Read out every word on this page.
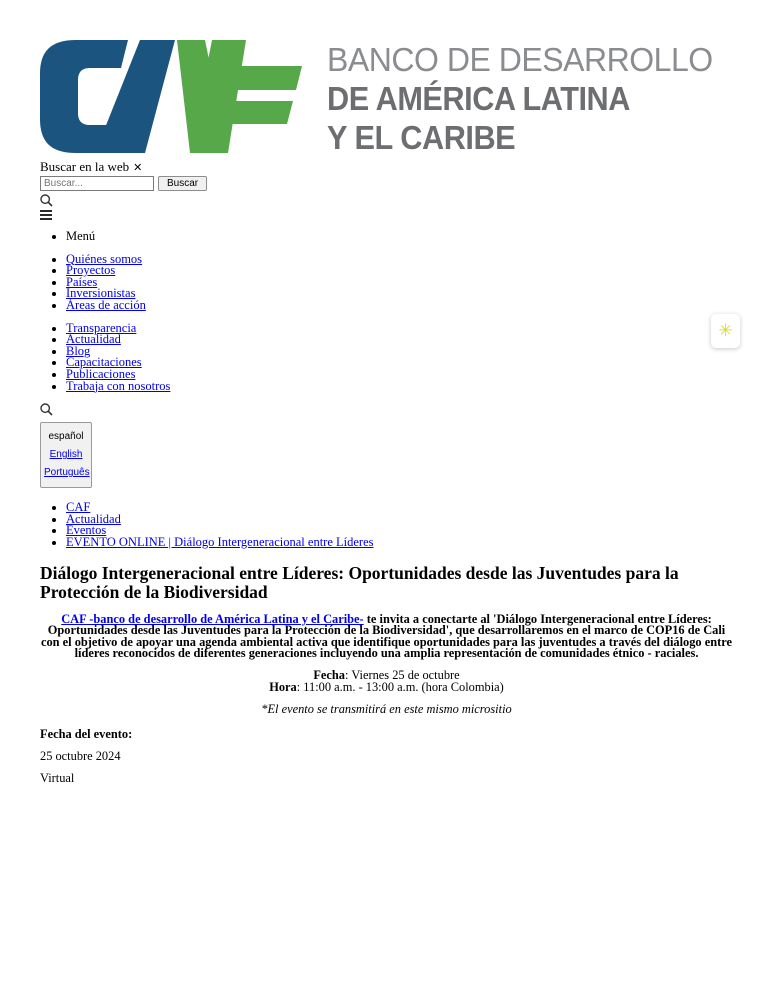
BANCO DE DESARROLLO
DE AMÉRICA LATINA
Y EL CARIBE
Buscar en la web ✕
Buscar...
Buscar
• Menú
• Quiénes somos
• Proyectos
• Países
• Inversionistas
• Áreas de acción
• Transparencia
• Actualidad
• Blog
• Capacitaciones
• Publicaciones
• Trabaja con nosotros
español
English
Português
• CAF
• Actualidad
• Eventos
• EVENTO ONLINE | Diálogo Intergeneracional entre Líderes
Diálogo Intergeneracional entre Líderes: Oportunidades desde las Juventudes para la Protección de la Biodiversidad

CAF -banco de desarrollo de América Latina y el Caribe- te invita a conectarte al 'Diálogo Intergeneracional entre Líderes: Oportunidades desde las Juventudes para la Protección de la Biodiversidad', que desarrollaremos en el marco de COP16 de Cali con el objetivo de apoyar una agenda ambiental activa que identifique oportunidades para las juventudes a través del diálogo entre líderes reconocidos de diferentes generaciones incluyendo una amplia representación de comunidades étnico - raciales.

Fecha: Viernes 25 de octubre
Hora: 11:00 a.m. - 13:00 a.m. (hora Colombia)

*El evento se transmitirá en este mismo micrositio

Fecha del evento:

25 octubre 2024

Virtual

✳
